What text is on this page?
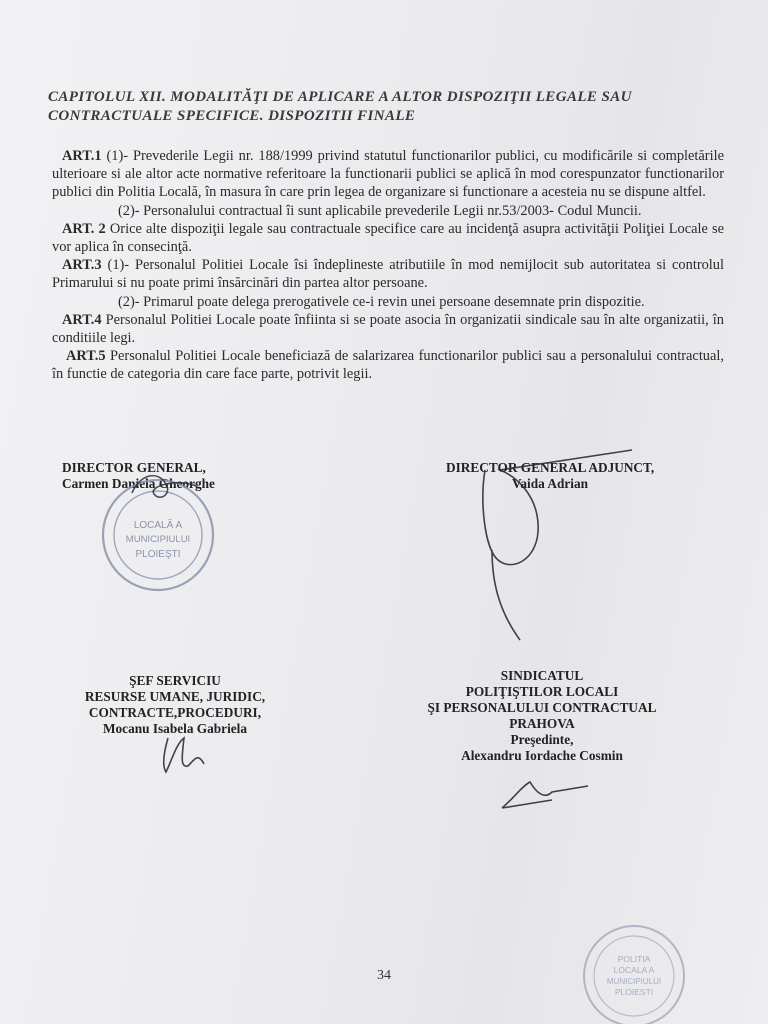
CAPITOLUL XII. MODALITĂŢI DE APLICARE A ALTOR DISPOZIŢII LEGALE SAU
CONTRACTUALE SPECIFICE. DISPOZITII FINALE

ART.1 (1)- Prevederile Legii nr. 188/1999 privind statutul functionarilor publici, cu modificările si completările ulterioare si ale altor acte normative referitoare la functionarii publici se aplică în mod corespunzator functionarilor publici din Politia Locală, în masura în care prin legea de organizare si functionare a acesteia nu se dispune altfel.

(2)- Personalului contractual îi sunt aplicabile prevederile Legii nr.53/2003- Codul Muncii.

ART. 2 Orice alte dispoziţii legale sau contractuale specifice care au incidenţă asupra activităţii Poliţiei Locale se vor aplica în consecinţă.

ART.3 (1)- Personalul Politiei Locale îsi îndeplineste atributiile în mod nemijlocit sub autoritatea si controlul Primarului si nu poate primi însărcinări din partea altor persoane.

(2)- Primarul poate delega prerogativele ce-i revin unei persoane desemnate prin dispozitie.

ART.4 Personalul Politiei Locale poate înfiinta si se poate asocia în organizatii sindicale sau în alte organizatii, în conditiile legi.

ART.5 Personalul Politiei Locale beneficiază de salarizarea functionarilor publici sau a personalului contractual, în functie de categoria din care face parte, potrivit legii.

DIRECTOR GENERAL,
Carmen Daniela Gheorghe
DIRECTOR GENERAL ADJUNCT,
Vaida Adrian
ŞEF SERVICIU
RESURSE UMANE, JURIDIC,
CONTRACTE,PROCEDURI,
Mocanu Isabela Gabriela
SINDICATUL
POLIŢIŞTILOR LOCALI
ŞI PERSONALULUI CONTRACTUAL
PRAHOVA
Preşedinte,
Alexandru Iordache Cosmin
LOCALĂ A
MUNICIPIULUI
PLOIEŞTI
POLITIA
LOCALA A
MUNICIPIULUI
PLOIESTI
34
